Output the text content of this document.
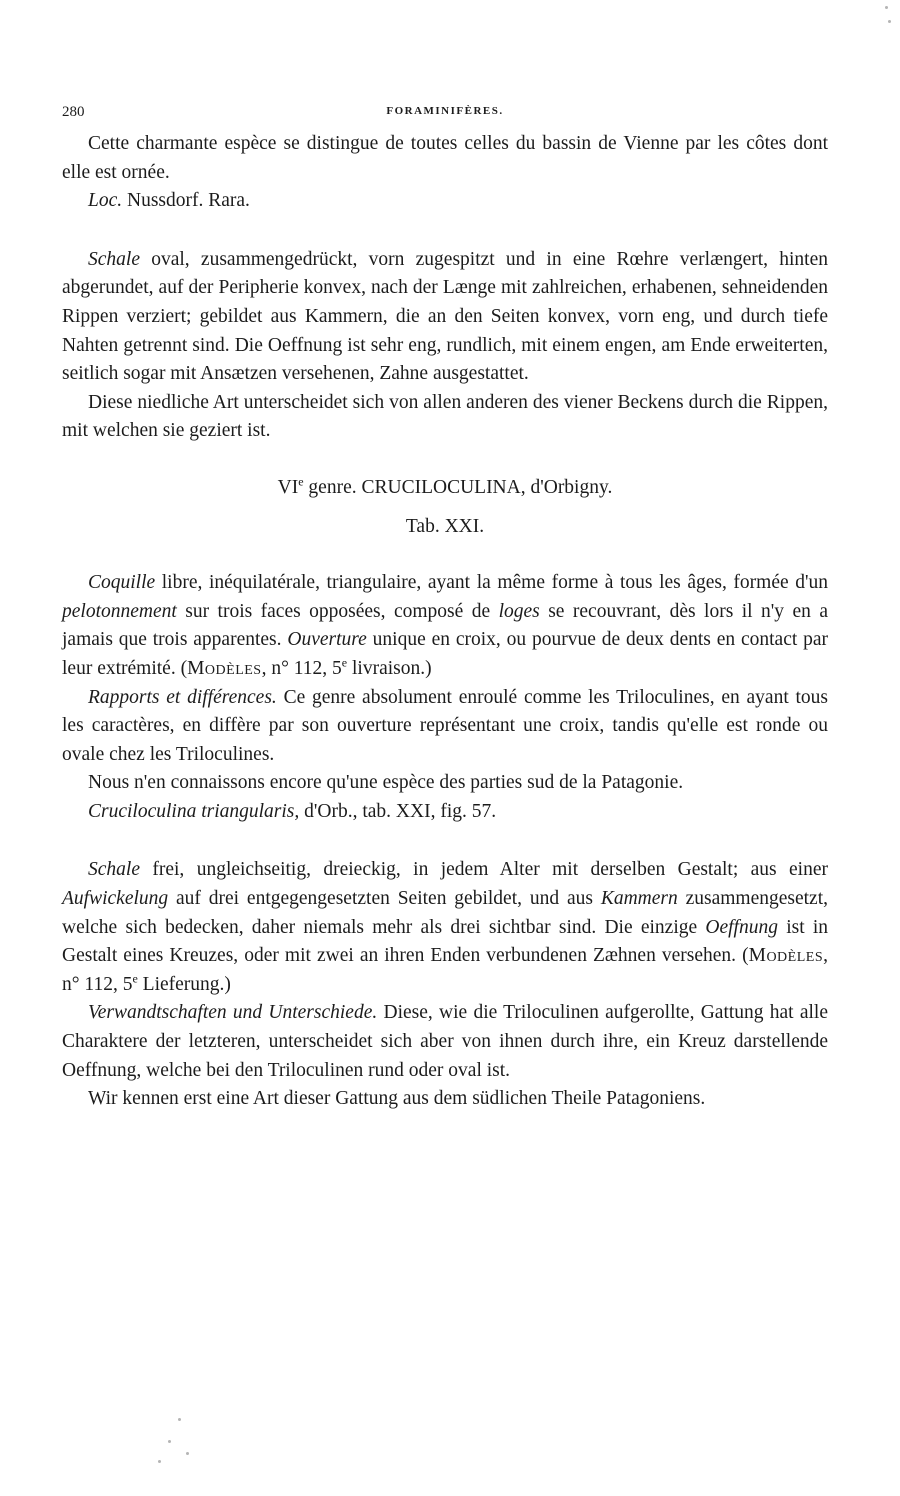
280	FORAMINIFÈRES.

Cette charmante espèce se distingue de toutes celles du bassin de Vienne par les côtes dont elle est ornée.

Loc. Nussdorf. Rara.

Schale oval, zusammengedrückt, vorn zugespitzt und in eine Rœhre verlængert, hinten abgerundet, auf der Peripherie konvex, nach der Længe mit zahlreichen, erhabenen, sehneidenden Rippen verziert; gebildet aus Kammern, die an den Seiten konvex, vorn eng, und durch tiefe Nahten getrennt sind. Die Oeffnung ist sehr eng, rundlich, mit einem engen, am Ende erweiterten, seitlich sogar mit Ansætzen versehenen, Zahne ausgestattet.

Diese niedliche Art unterscheidet sich von allen anderen des viener Beckens durch die Rippen, mit welchen sie geziert ist.

VIe genre. CRUCILOCULINA, d'Orbigny.

Tab. XXI.

Coquille libre, inéquilatérale, triangulaire, ayant la même forme à tous les âges, formée d'un pelotonnement sur trois faces opposées, composé de loges se recouvrant, dès lors il n'y en a jamais que trois apparentes. Ouverture unique en croix, ou pourvue de deux dents en contact par leur extrémité. (Modèles, n° 112, 5e livraison.)

Rapports et différences. Ce genre absolument enroulé comme les Triloculines, en ayant tous les caractères, en diffère par son ouverture représentant une croix, tandis qu'elle est ronde ou ovale chez les Triloculines.

Nous n'en connaissons encore qu'une espèce des parties sud de la Patagonie.

Cruciloculina triangularis, d'Orb., tab. XXI, fig. 57.

Schale frei, ungleichseitig, dreieckig, in jedem Alter mit derselben Gestalt; aus einer Aufwickelung auf drei entgegengesetzten Seiten gebildet, und aus Kammern zusammengesetzt, welche sich bedecken, daher niemals mehr als drei sichtbar sind. Die einzige Oeffnung ist in Gestalt eines Kreuzes, oder mit zwei an ihren Enden verbundenen Zæhnen versehen. (Modèles, n° 112, 5e Lieferung.)

Verwandtschaften und Unterschiede. Diese, wie die Triloculinen aufgerollte, Gattung hat alle Charaktere der letzteren, unterscheidet sich aber von ihnen durch ihre, ein Kreuz darstellende Oeffnung, welche bei den Triloculinen rund oder oval ist.

Wir kennen erst eine Art dieser Gattung aus dem südlichen Theile Patagoniens.
